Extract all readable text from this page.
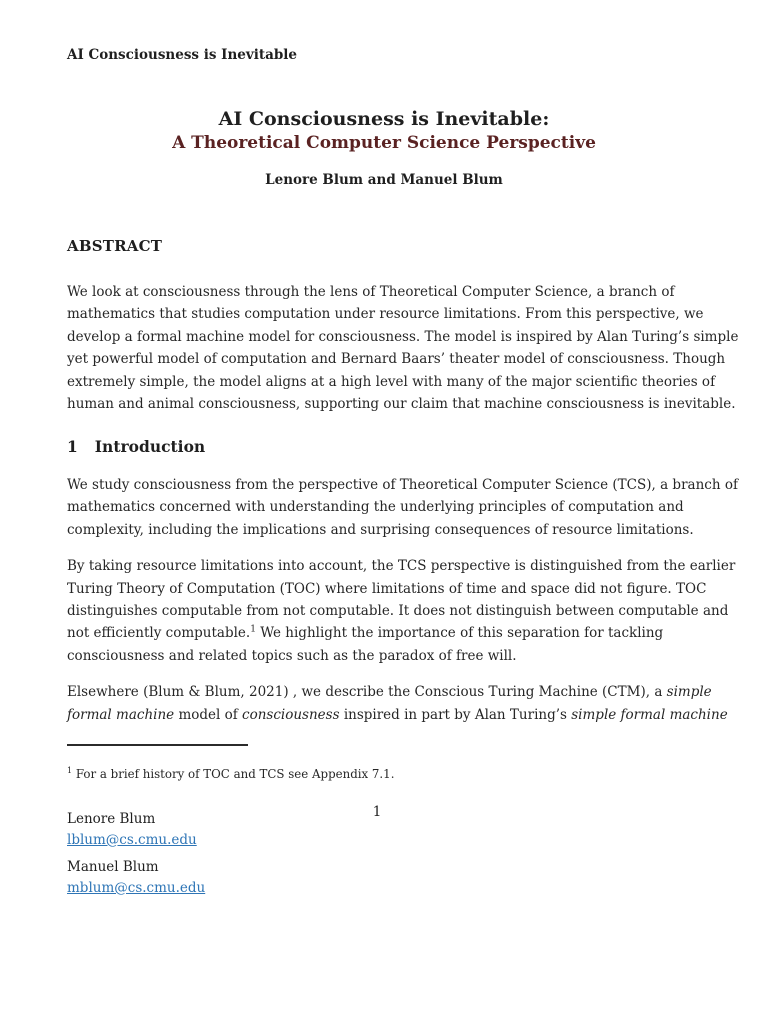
AI Consciousness is Inevitable
AI Consciousness is Inevitable:
A Theoretical Computer Science Perspective
Lenore Blum and Manuel Blum
ABSTRACT
We look at consciousness through the lens of Theoretical Computer Science, a branch of
mathematics that studies computation under resource limitations. From this perspective, we
develop a formal machine model for consciousness. The model is inspired by Alan Turing’s simple
yet powerful model of computation and Bernard Baars’ theater model of consciousness. Though
extremely simple, the model aligns at a high level with many of the major scientific theories of
human and animal consciousness, supporting our claim that machine consciousness is inevitable.
1 Introduction
We study consciousness from the perspective of Theoretical Computer Science (TCS), a branch of
mathematics concerned with understanding the underlying principles of computation and
complexity, including the implications and surprising consequences of resource limitations.
By taking resource limitations into account, the TCS perspective is distinguished from the earlier
Turing Theory of Computation (TOC) where limitations of time and space did not figure. TOC
distinguishes computable from not computable. It does not distinguish between computable and
not efficiently computable.$^1$ We highlight the importance of this separation for tackling
consciousness and related topics such as the paradox of free will.
Elsewhere (Blum & Blum, 2021) , we describe the Conscious Turing Machine (CTM), a simple
formal machine model of consciousness inspired in part by Alan Turing’s simple formal machine
$^1$ For a brief history of TOC and TCS see Appendix 7.1.
1
Lenore Blum
lblum@cs.cmu.edu
Manuel Blum
mblum@cs.cmu.edu
